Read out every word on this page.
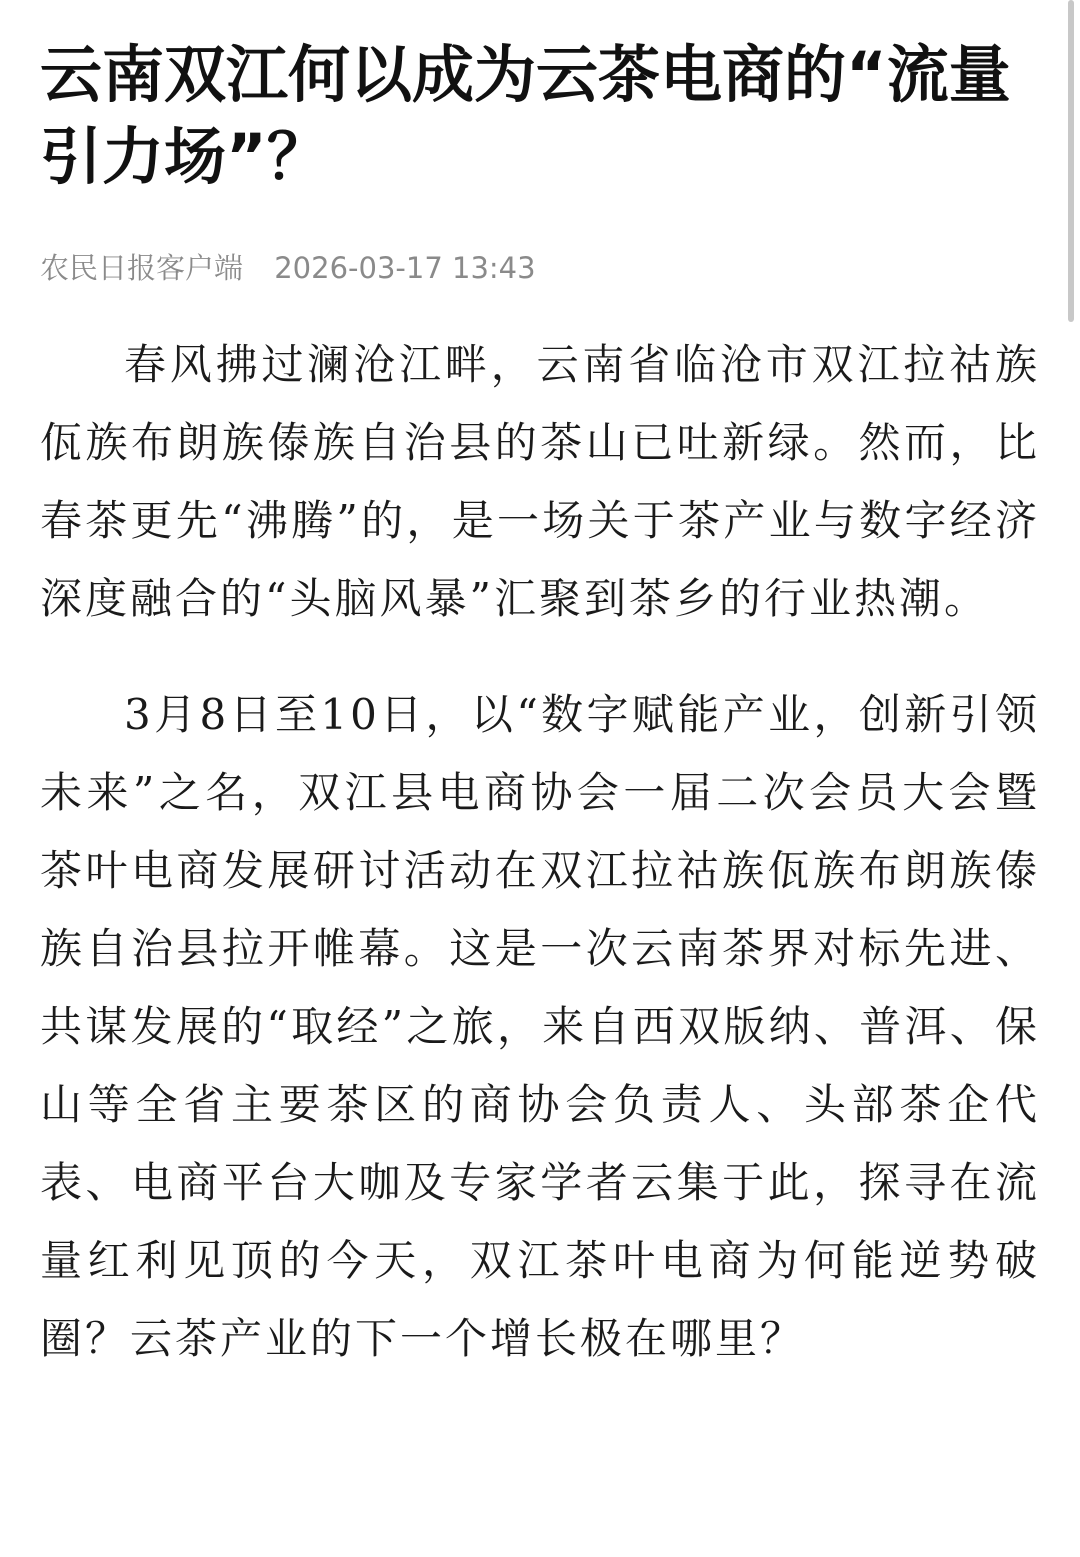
云南双江何以成为云茶电商的“流量引力场”？
农民日报客户端 2026-03-17 13:43

春风拂过澜沧江畔，云南省临沧市双江拉祜族佤族布朗族傣族自治县的茶山已吐新绿。然而，比春茶更先“沸腾”的，是一场关于茶产业与数字经济深度融合的“头脑风暴”汇聚到茶乡的行业热潮。

3月8日至10日，以“数字赋能产业，创新引领未来”之名，双江县电商协会一届二次会员大会暨茶叶电商发展研讨活动在双江拉祜族佤族布朗族傣族自治县拉开帷幕。这是一次云南茶界对标先进、共谋发展的“取经”之旅，来自西双版纳、普洱、保山等全省主要茶区的商协会负责人、头部茶企代表、电商平台大咖及专家学者云集于此，探寻在流量红利见顶的今天，双江茶叶电商为何能逆势破圈？云茶产业的下一个增长极在哪里？
